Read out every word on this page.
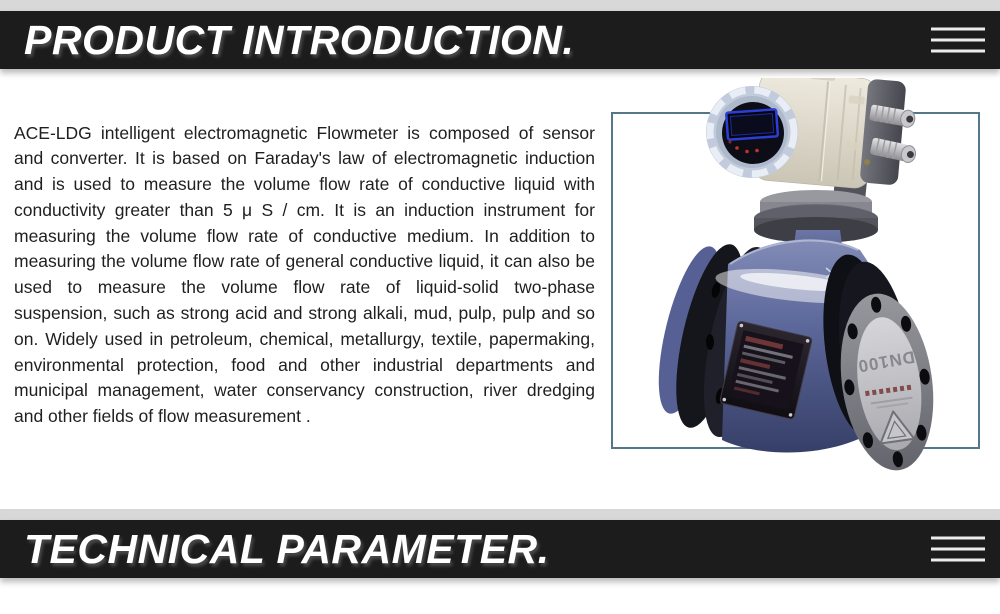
PRODUCT INTRODUCTION.

ACE-LDG intelligent electromagnetic Flowmeter is composed of sensor and converter. It is based on Faraday's law of electromagnetic induction and is used to measure the volume flow rate of conductive liquid with conductivity greater than 5 μ S / cm. It is an induction instrument for measuring the volume flow rate of conductive medium. In addition to measuring the volume flow rate of general conductive liquid, it can also be used to measure the volume flow rate of liquid-solid two-phase suspension, such as strong acid and strong alkali, mud, pulp, pulp and so on. Widely used in petroleum, chemical, metallurgy, textile, papermaking, environmental protection, food and other industrial departments and municipal management, water conservancy construction, river dredging and other fields of flow measurement .

DN100
TECHNICAL PARAMETER.
